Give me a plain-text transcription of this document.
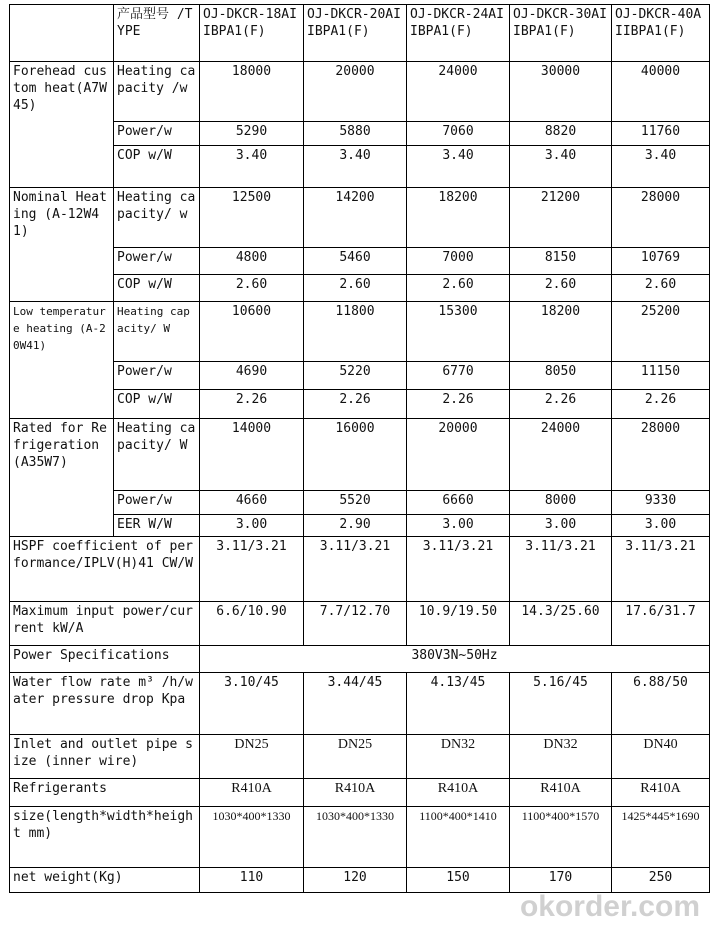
	产品型号 /TYPE	OJ-DKCR-18AIIBPA1(F)	OJ-DKCR-20AIIBPA1(F)	OJ-DKCR-24AIIBPA1(F)	OJ-DKCR-30AIIBPA1(F)	OJ-DKCR-40AIIBPA1(F)
Forehead custom heat(A7W45)	Heating capacity /w	18000	20000	24000	30000	40000
	Power/w	5290	5880	7060	8820	11760
	COP w/W	3.40	3.40	3.40	3.40	3.40
Nominal Heating (A-12W41)	Heating capacity/ w	12500	14200	18200	21200	28000
	Power/w	4800	5460	7000	8150	10769
	COP w/W	2.60	2.60	2.60	2.60	2.60
Low temperature heating (A-20W41)	Heating capacity/ W	10600	11800	15300	18200	25200
	Power/w	4690	5220	6770	8050	11150
	COP w/W	2.26	2.26	2.26	2.26	2.26
Rated for Refrigeration (A35W7)	Heating capacity/ W	14000	16000	20000	24000	28000
	Power/w	4660	5520	6660	8000	9330
	EER W/W	3.00	2.90	3.00	3.00	3.00
HSPF coefficient of performance/IPLV(H)41 CW/W		3.11/3.21	3.11/3.21	3.11/3.21	3.11/3.21	3.11/3.21
Maximum input power/current kW/A		6.6/10.90	7.7/12.70	10.9/19.50	14.3/25.60	17.6/31.7
Power Specifications		380V3N~50Hz				
Water flow rate m³ /h/water pressure drop Kpa		3.10/45	3.44/45	4.13/45	5.16/45	6.88/50
Inlet and outlet pipe size (inner wire)		DN25	DN25	DN32	DN32	DN40
Refrigerants		R410A	R410A	R410A	R410A	R410A
size(length*width*height mm)		1030*400*1330	1030*400*1330	1100*400*1410	1100*400*1570	1425*445*1690
net weight(Kg)		110	120	150	170	250
okorder.com
